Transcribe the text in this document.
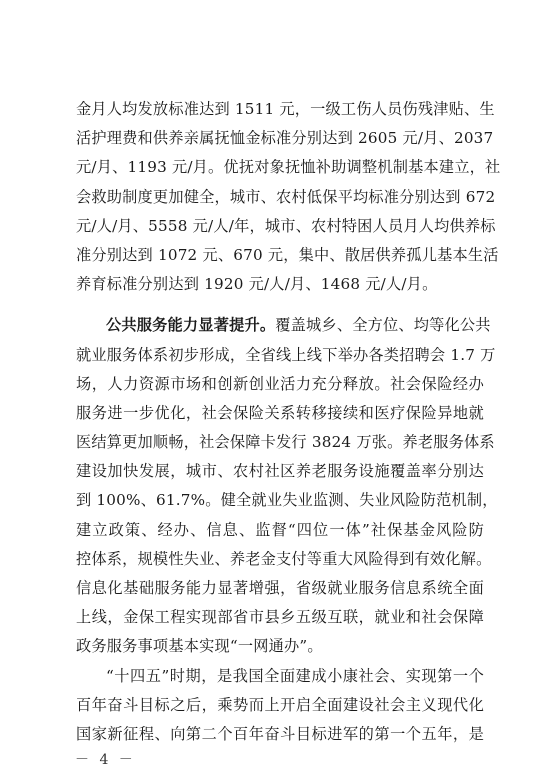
金月人均发放标准达到 1511 元，一级工伤人员伤残津贴、生
活护理费和供养亲属抚恤金标准分别达到 2605 元/月、2037
元/月、1193 元/月。优抚对象抚恤补助调整机制基本建立，社
会救助制度更加健全，城市、农村低保平均标准分别达到 672
元/人/月、5558 元/人/年，城市、农村特困人员月人均供养标
准分别达到 1072 元、670 元，集中、散居供养孤儿基本生活
养育标准分别达到 1920 元/人/月、1468 元/人/月。
公共服务能力显著提升。覆盖城乡、全方位、均等化公共
就业服务体系初步形成，全省线上线下举办各类招聘会 1.7 万
场，人力资源市场和创新创业活力充分释放。社会保险经办
服务进一步优化，社会保险关系转移接续和医疗保险异地就
医结算更加顺畅，社会保障卡发行 3824 万张。养老服务体系
建设加快发展，城市、农村社区养老服务设施覆盖率分别达
到 100%、61.7%。健全就业失业监测、失业风险防范机制，
建立政策、经办、信息、监督“四位一体”社保基金风险防
控体系，规模性失业、养老金支付等重大风险得到有效化解。
信息化基础服务能力显著增强，省级就业服务信息系统全面
上线，金保工程实现部省市县乡五级互联，就业和社会保障
政务服务事项基本实现“一网通办”。
“十四五”时期，是我国全面建成小康社会、实现第一个
百年奋斗目标之后，乘势而上开启全面建设社会主义现代化
国家新征程、向第二个百年奋斗目标进军的第一个五年，是
－ 4 －
